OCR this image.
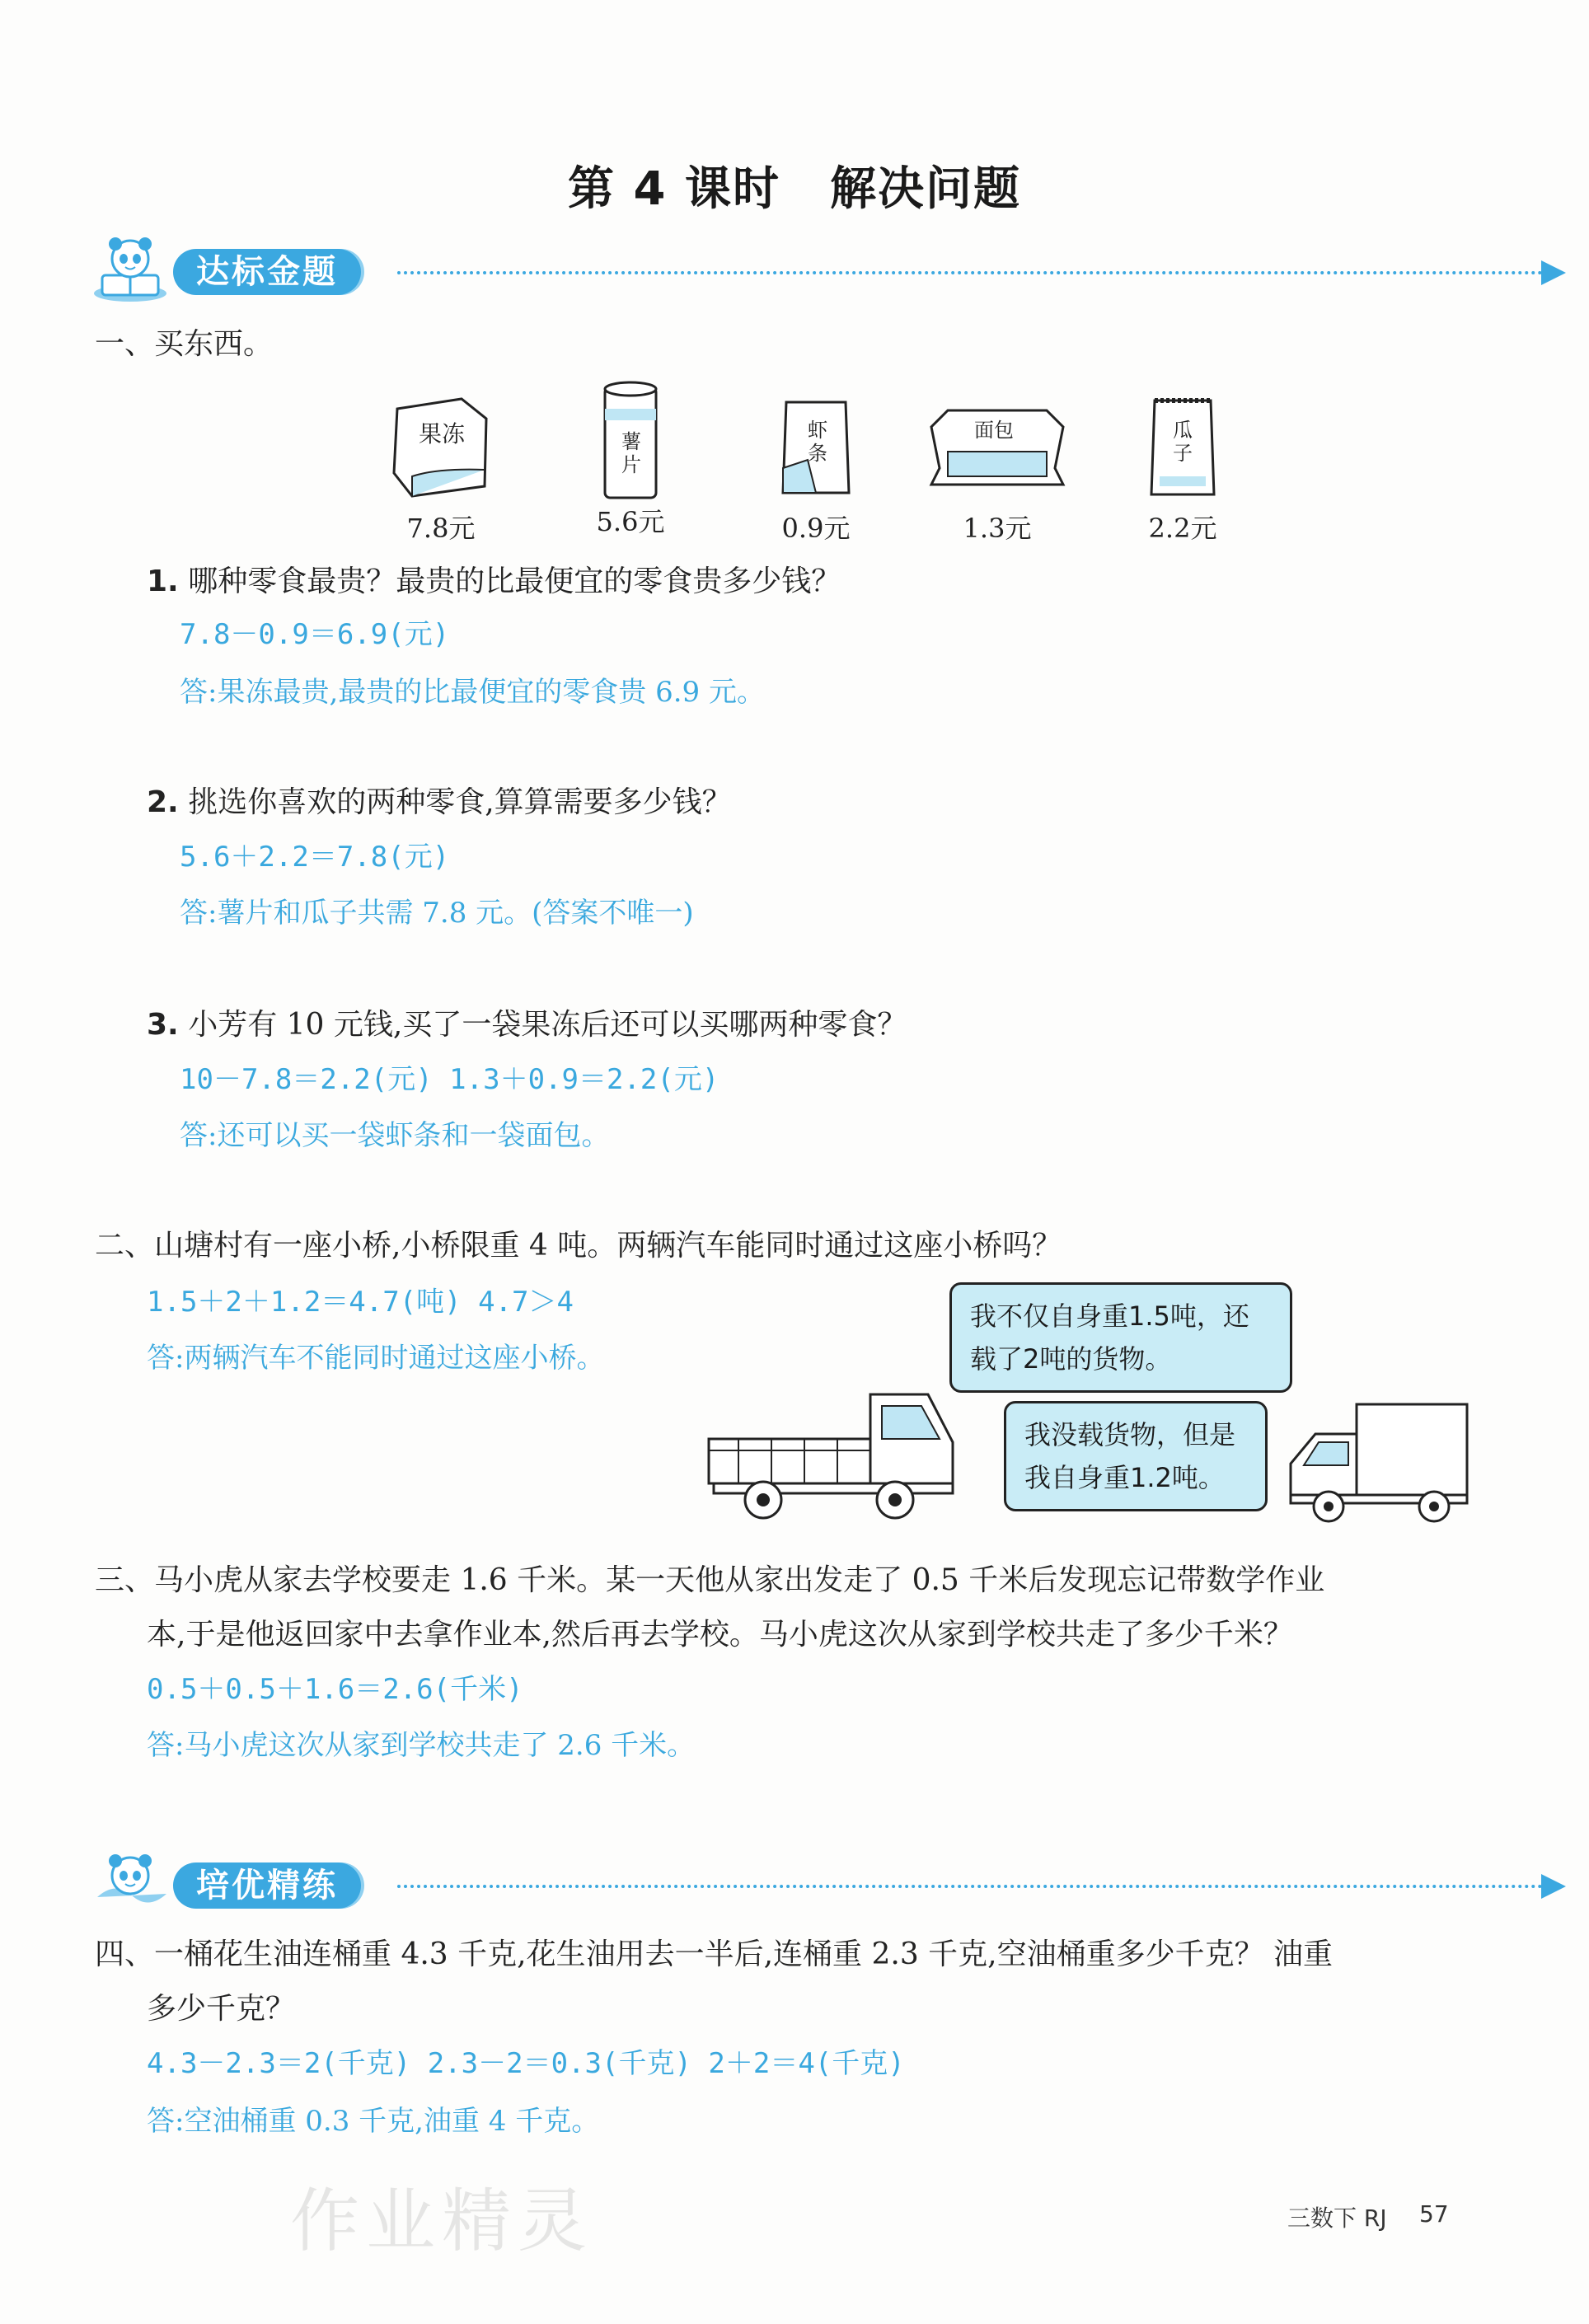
第 4 课时 解决问题
达标金题
一、买东西。
果冻
7.8元
薯
片
5.6元
虾
条
0.9元
面包
1.3元
瓜
子
2.2元
1. 哪种零食最贵？最贵的比最便宜的零食贵多少钱？
7.8－0.9＝6.9(元)
答:果冻最贵,最贵的比最便宜的零食贵 6.9 元。
2. 挑选你喜欢的两种零食,算算需要多少钱？
5.6＋2.2＝7.8(元)
答:薯片和瓜子共需 7.8 元。(答案不唯一)
3. 小芳有 10 元钱,买了一袋果冻后还可以买哪两种零食？
10－7.8＝2.2(元) 1.3＋0.9＝2.2(元)
答:还可以买一袋虾条和一袋面包。
二、山塘村有一座小桥,小桥限重 4 吨。两辆汽车能同时通过这座小桥吗？
1.5＋2＋1.2＝4.7(吨) 4.7＞4
答:两辆汽车不能同时通过这座小桥。
我不仅自身重1.5吨，还
载了2吨的货物。
我没载货物，但是
我自身重1.2吨。
三、马小虎从家去学校要走 1.6 千米。某一天他从家出发走了 0.5 千米后发现忘记带数学作业
本,于是他返回家中去拿作业本,然后再去学校。马小虎这次从家到学校共走了多少千米？
0.5＋0.5＋1.6＝2.6(千米)
答:马小虎这次从家到学校共走了 2.6 千米。
培优精练
四、一桶花生油连桶重 4.3 千克,花生油用去一半后,连桶重 2.3 千克,空油桶重多少千克？ 油重
多少千克？
4.3－2.3＝2(千克) 2.3－2＝0.3(千克) 2＋2＝4(千克)
答:空油桶重 0.3 千克,油重 4 千克。
作业精灵	三数下 RJ 57
